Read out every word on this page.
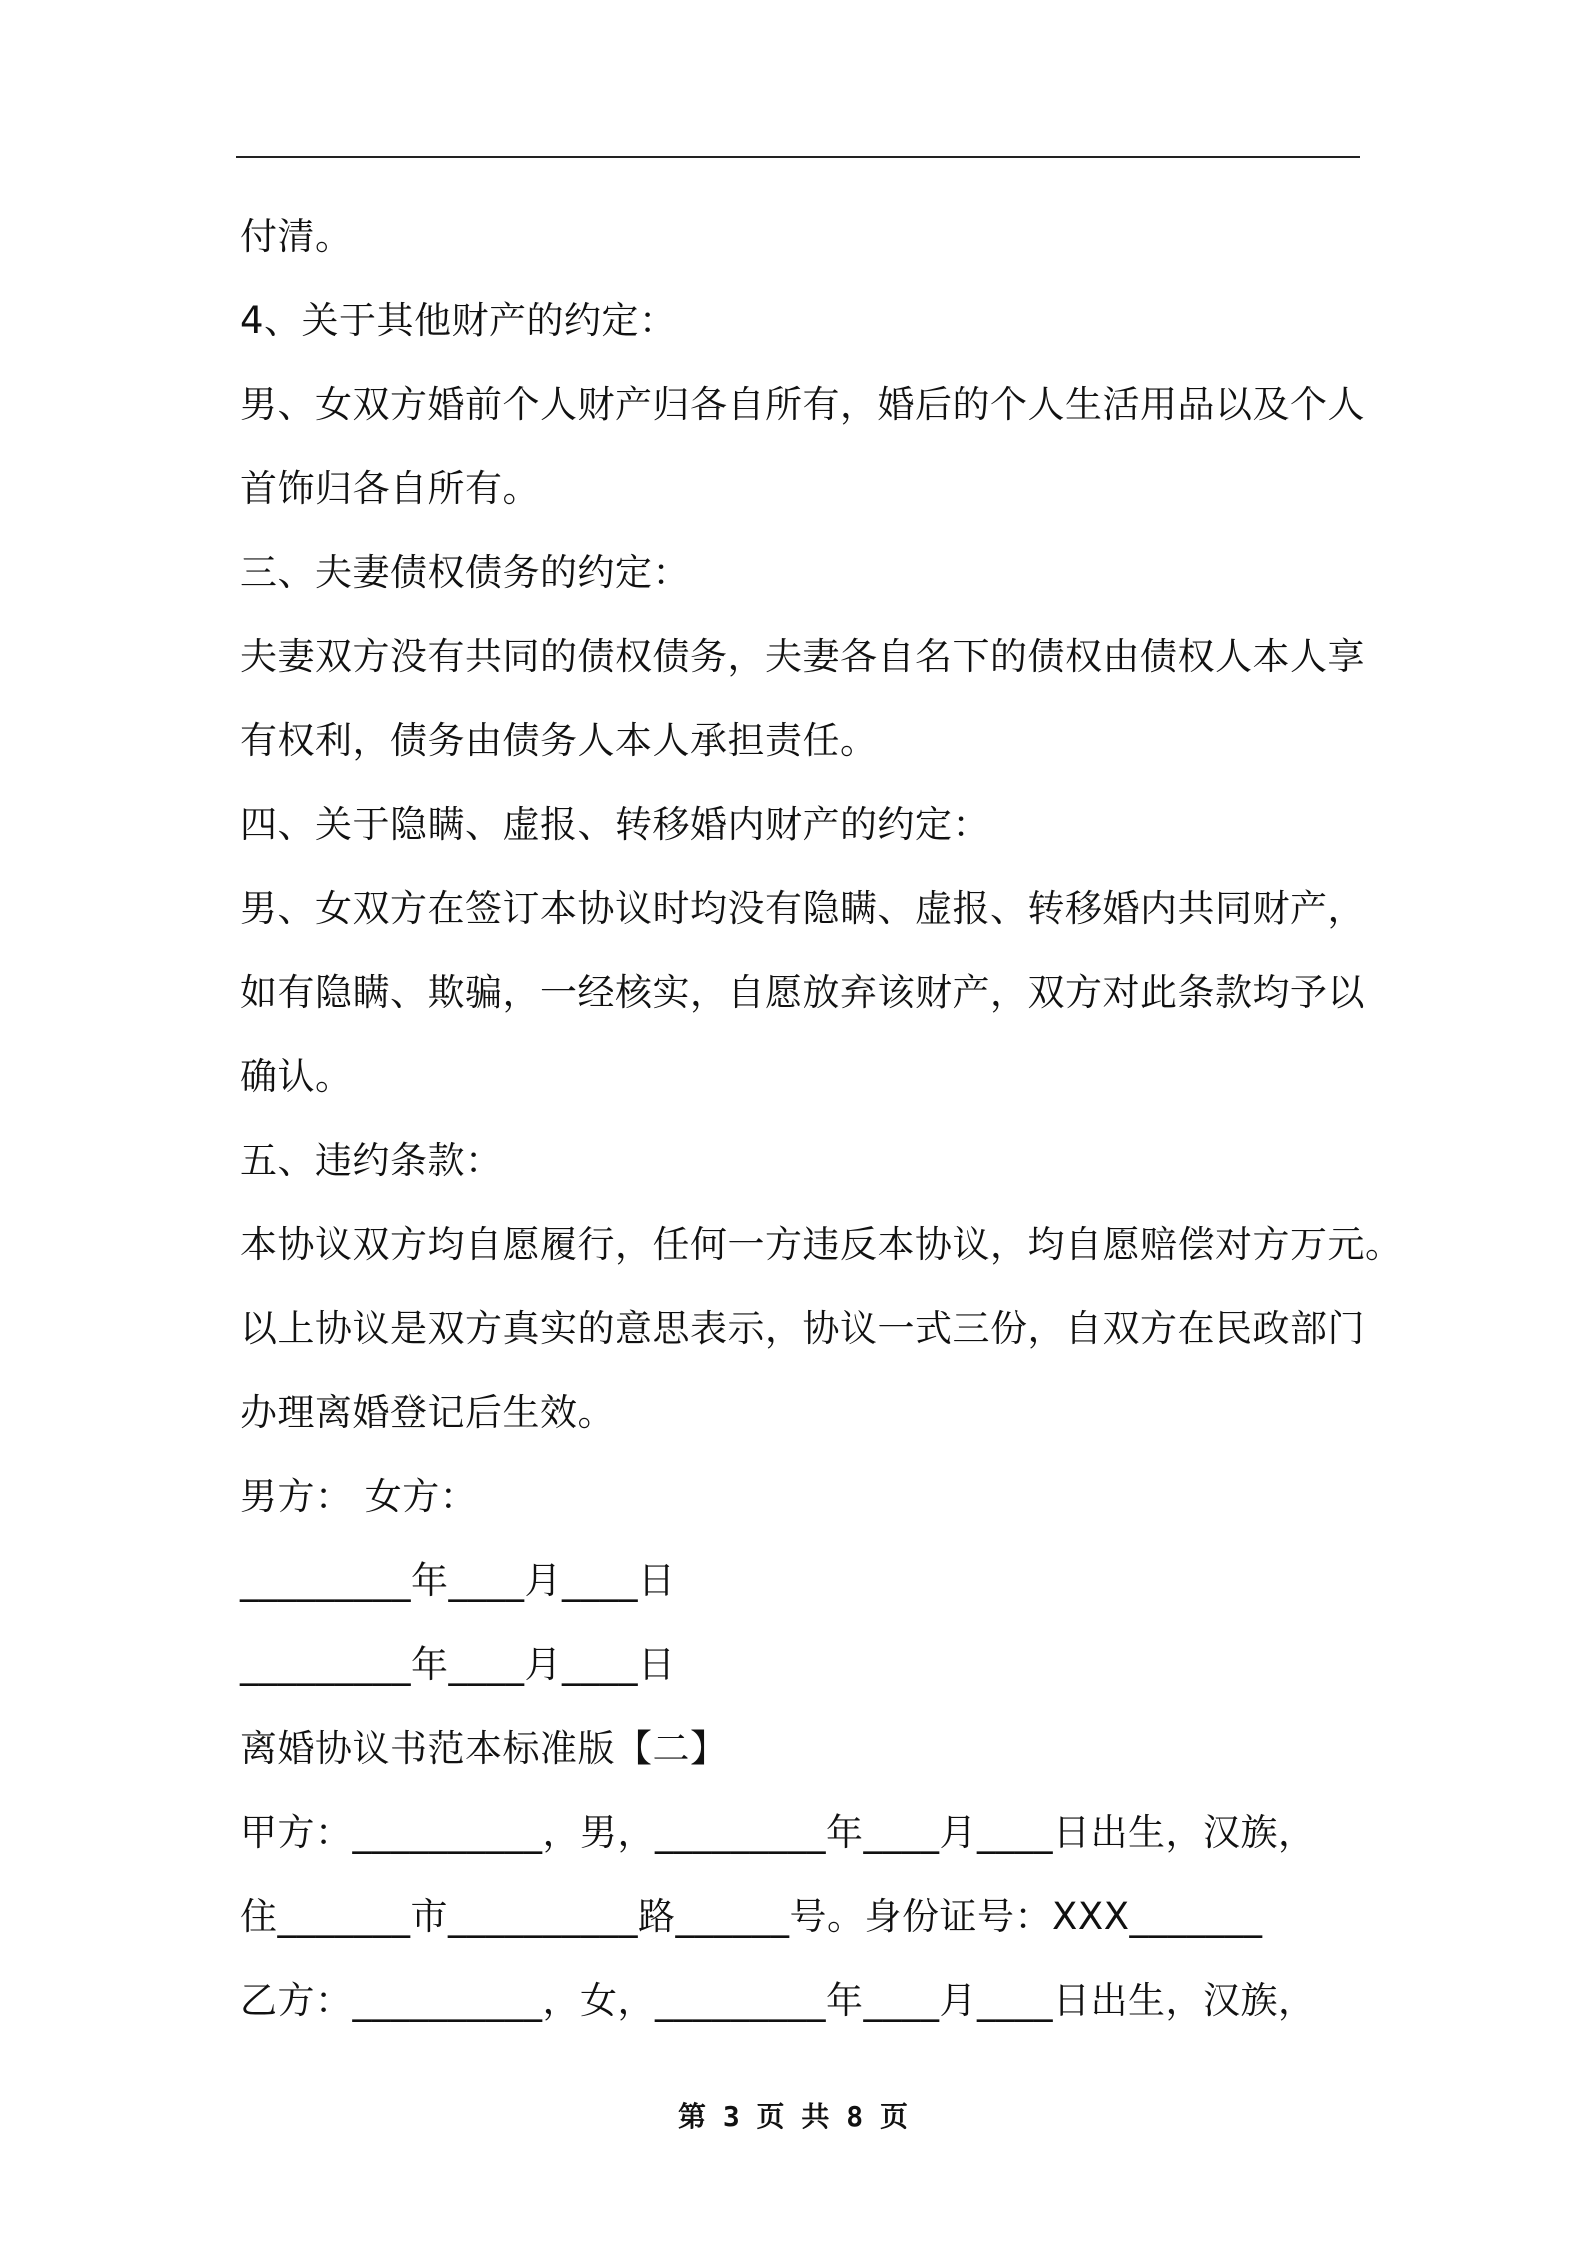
付清。
4、关于其他财产的约定：
男、女双方婚前个人财产归各自所有，婚后的个人生活用品以及个人
首饰归各自所有。
三、夫妻债权债务的约定：
夫妻双方没有共同的债权债务，夫妻各自名下的债权由债权人本人享
有权利，债务由债务人本人承担责任。
四、关于隐瞒、虚报、转移婚内财产的约定：
男、女双方在签订本协议时均没有隐瞒、虚报、转移婚内共同财产，
如有隐瞒、欺骗，一经核实，自愿放弃该财产，双方对此条款均予以
确认。
五、违约条款：
本协议双方均自愿履行，任何一方违反本协议，均自愿赔偿对方万元。
以上协议是双方真实的意思表示，协议一式三份，自双方在民政部门
办理离婚登记后生效。
男方： 女方：
_________年____月____日
_________年____月____日
离婚协议书范本标准版【二】
甲方：__________，男，_________年____月____日出生，汉族，
住_______市__________路______号。身份证号：XXX_______
乙方：__________，女，_________年____月____日出生，汉族，
第 3 页 共 8 页
